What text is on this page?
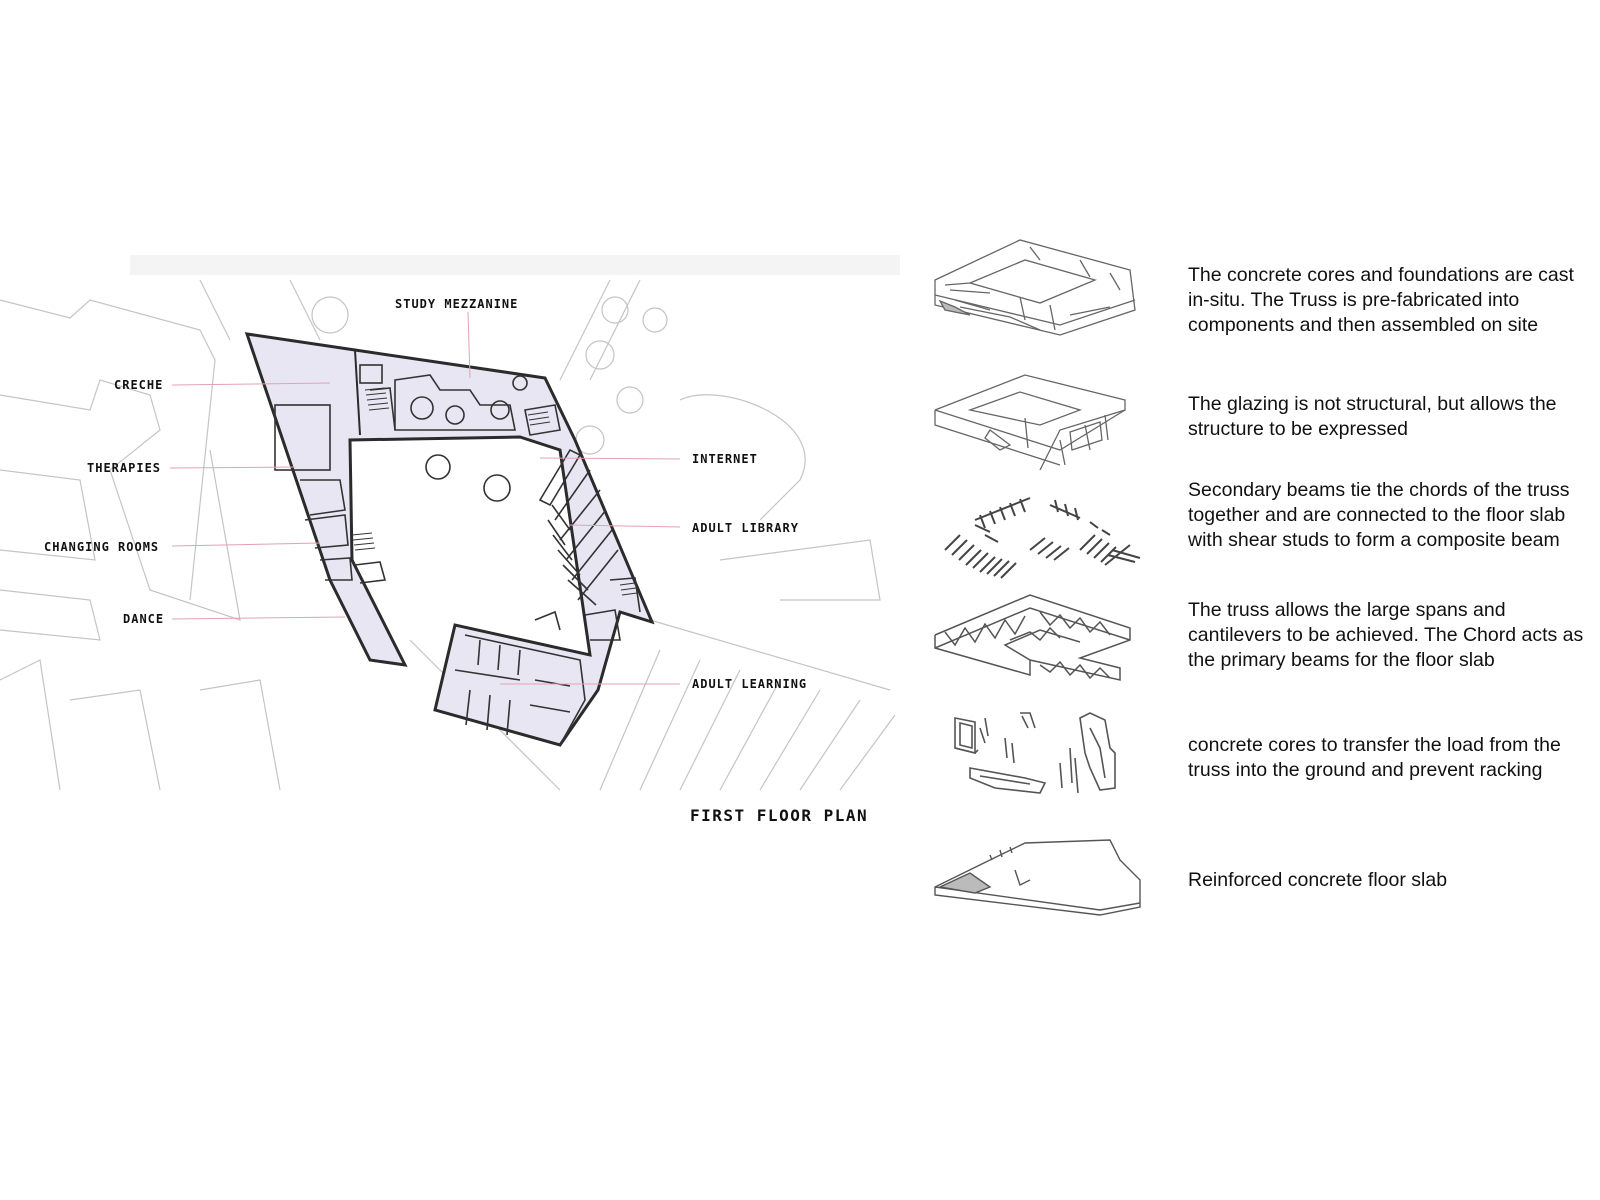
STUDY MEZZANINE
CRECHE
THERAPIES
CHANGING ROOMS
DANCE
INTERNET
ADULT LIBRARY
ADULT LEARNING
FIRST FLOOR PLAN

The concrete cores and foundations are cast in-situ. The Truss is pre-fabricated into components and then assembled on site

The glazing is not structural, but allows the structure to be expressed

Secondary beams tie the chords of the truss together and are connected to the floor slab with shear studs to form a composite beam

The truss allows the large spans and cantilevers to be achieved. The Chord acts as the primary beams for the floor slab

concrete cores to transfer the load from the truss into the ground and prevent racking

Reinforced concrete floor slab
